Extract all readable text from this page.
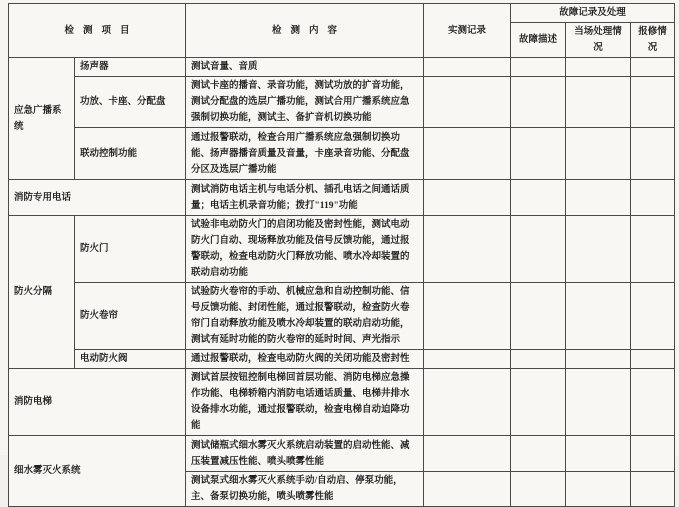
检测项目		检测内容	实测记录	故障记录及处理		
				故障描述	当场处理情况	报修情况
应急广播系统	扬声器	测试音量、音质				
	功放、卡座、分配盘	测试卡座的播音、录音功能，测试功放的扩音功能，测试分配盘的选层广播功能，测试合用广播系统应急强制切换功能，测试主、备扩音机切换功能				
	联动控制功能	通过报警联动，检查合用广播系统应急强制切换功能、扬声器播音质量及音量，卡座录音功能、分配盘分区及选层广播功能				
消防专用电话		测试消防电话主机与电话分机、插孔电话之间通话质量；电话主机录音功能；拨打"119"功能				
防火分隔	防火门	试验非电动防火门的启闭功能及密封性能，测试电动防火门自动、现场释放功能及信号反馈功能，通过报警联动，检查电动防火门释放功能、喷水冷却装置的联动启动功能				
	防火卷帘	试验防火卷帘的手动、机械应急和自动控制功能、信号反馈功能、封闭性能，通过报警联动，检查防火卷帘门自动释放功能及喷水冷却装置的联动启动功能，测试有延时功能的防火卷帘的延时时间、声光指示				
	电动防火阀	通过报警联动，检查电动防火阀的关闭功能及密封性				
消防电梯		测试首层按钮控制电梯回首层功能、消防电梯应急操作功能、电梯轿箱内消防电话通话质量、电梯井排水设备排水功能，通过报警联动，检查电梯自动迫降功能				
细水雾灭火系统		测试储瓶式细水雾灭火系统启动装置的启动性能、减压装置减压性能、喷头喷雾性能				
		测试泵式细水雾灭火系统手动/自动启、停泵功能，主、备泵切换功能，喷头喷雾性能				
